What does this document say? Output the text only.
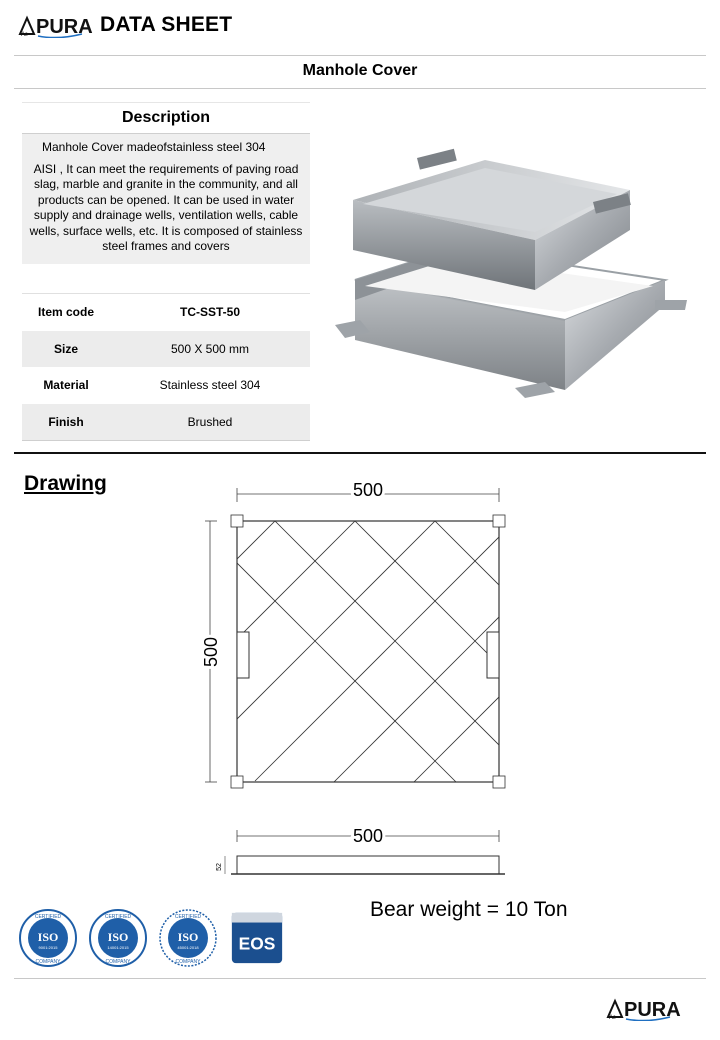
Aε PURA DATA SHEET
Manhole Cover
Description

Manhole Cover madeofstainless steel 304

AISI , It can meet the requirements of paving road slag, marble and granite in the community, and all products can be opened. It can be used in water supply and drainage wells, ventilation wells, cable wells, surface wells, etc. It is composed of stainless steel frames and covers

Item code	TC-SST-50
Size	500 X 500 mm
Material	Stainless steel 304
Finish	Brushed
Drawing	500
500
500
52
Bear weight = 10 Ton
CERTIFIED
ISO
9001:2015
COMPANY
CERTIFIED
ISO
14001:2015
COMPANY
CERTIFIED
ISO
45001:2018
COMPANY
EOS
Aε PURA
